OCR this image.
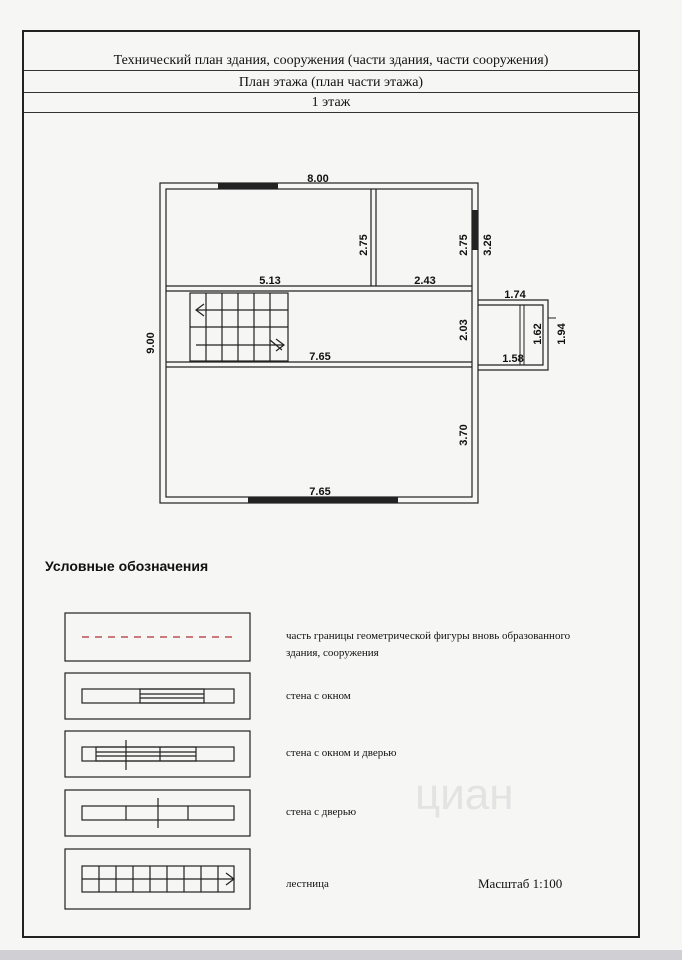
Технический план здания, сооружения (части здания, части сооружения)
План этажа (план части этажа)
1 этаж
циан
8.00
9.00
2.75	2.75 3.26
5.13	2.43
7.65
2.03
7.65
3.70
1.74
1.58
1.62 1.94
Условные обозначения
часть границы геометрической фигуры вновь образованного здания, сооружения
стена с окном
стена с окном и дверью
стена с дверью
лестница	Масштаб 1:100
